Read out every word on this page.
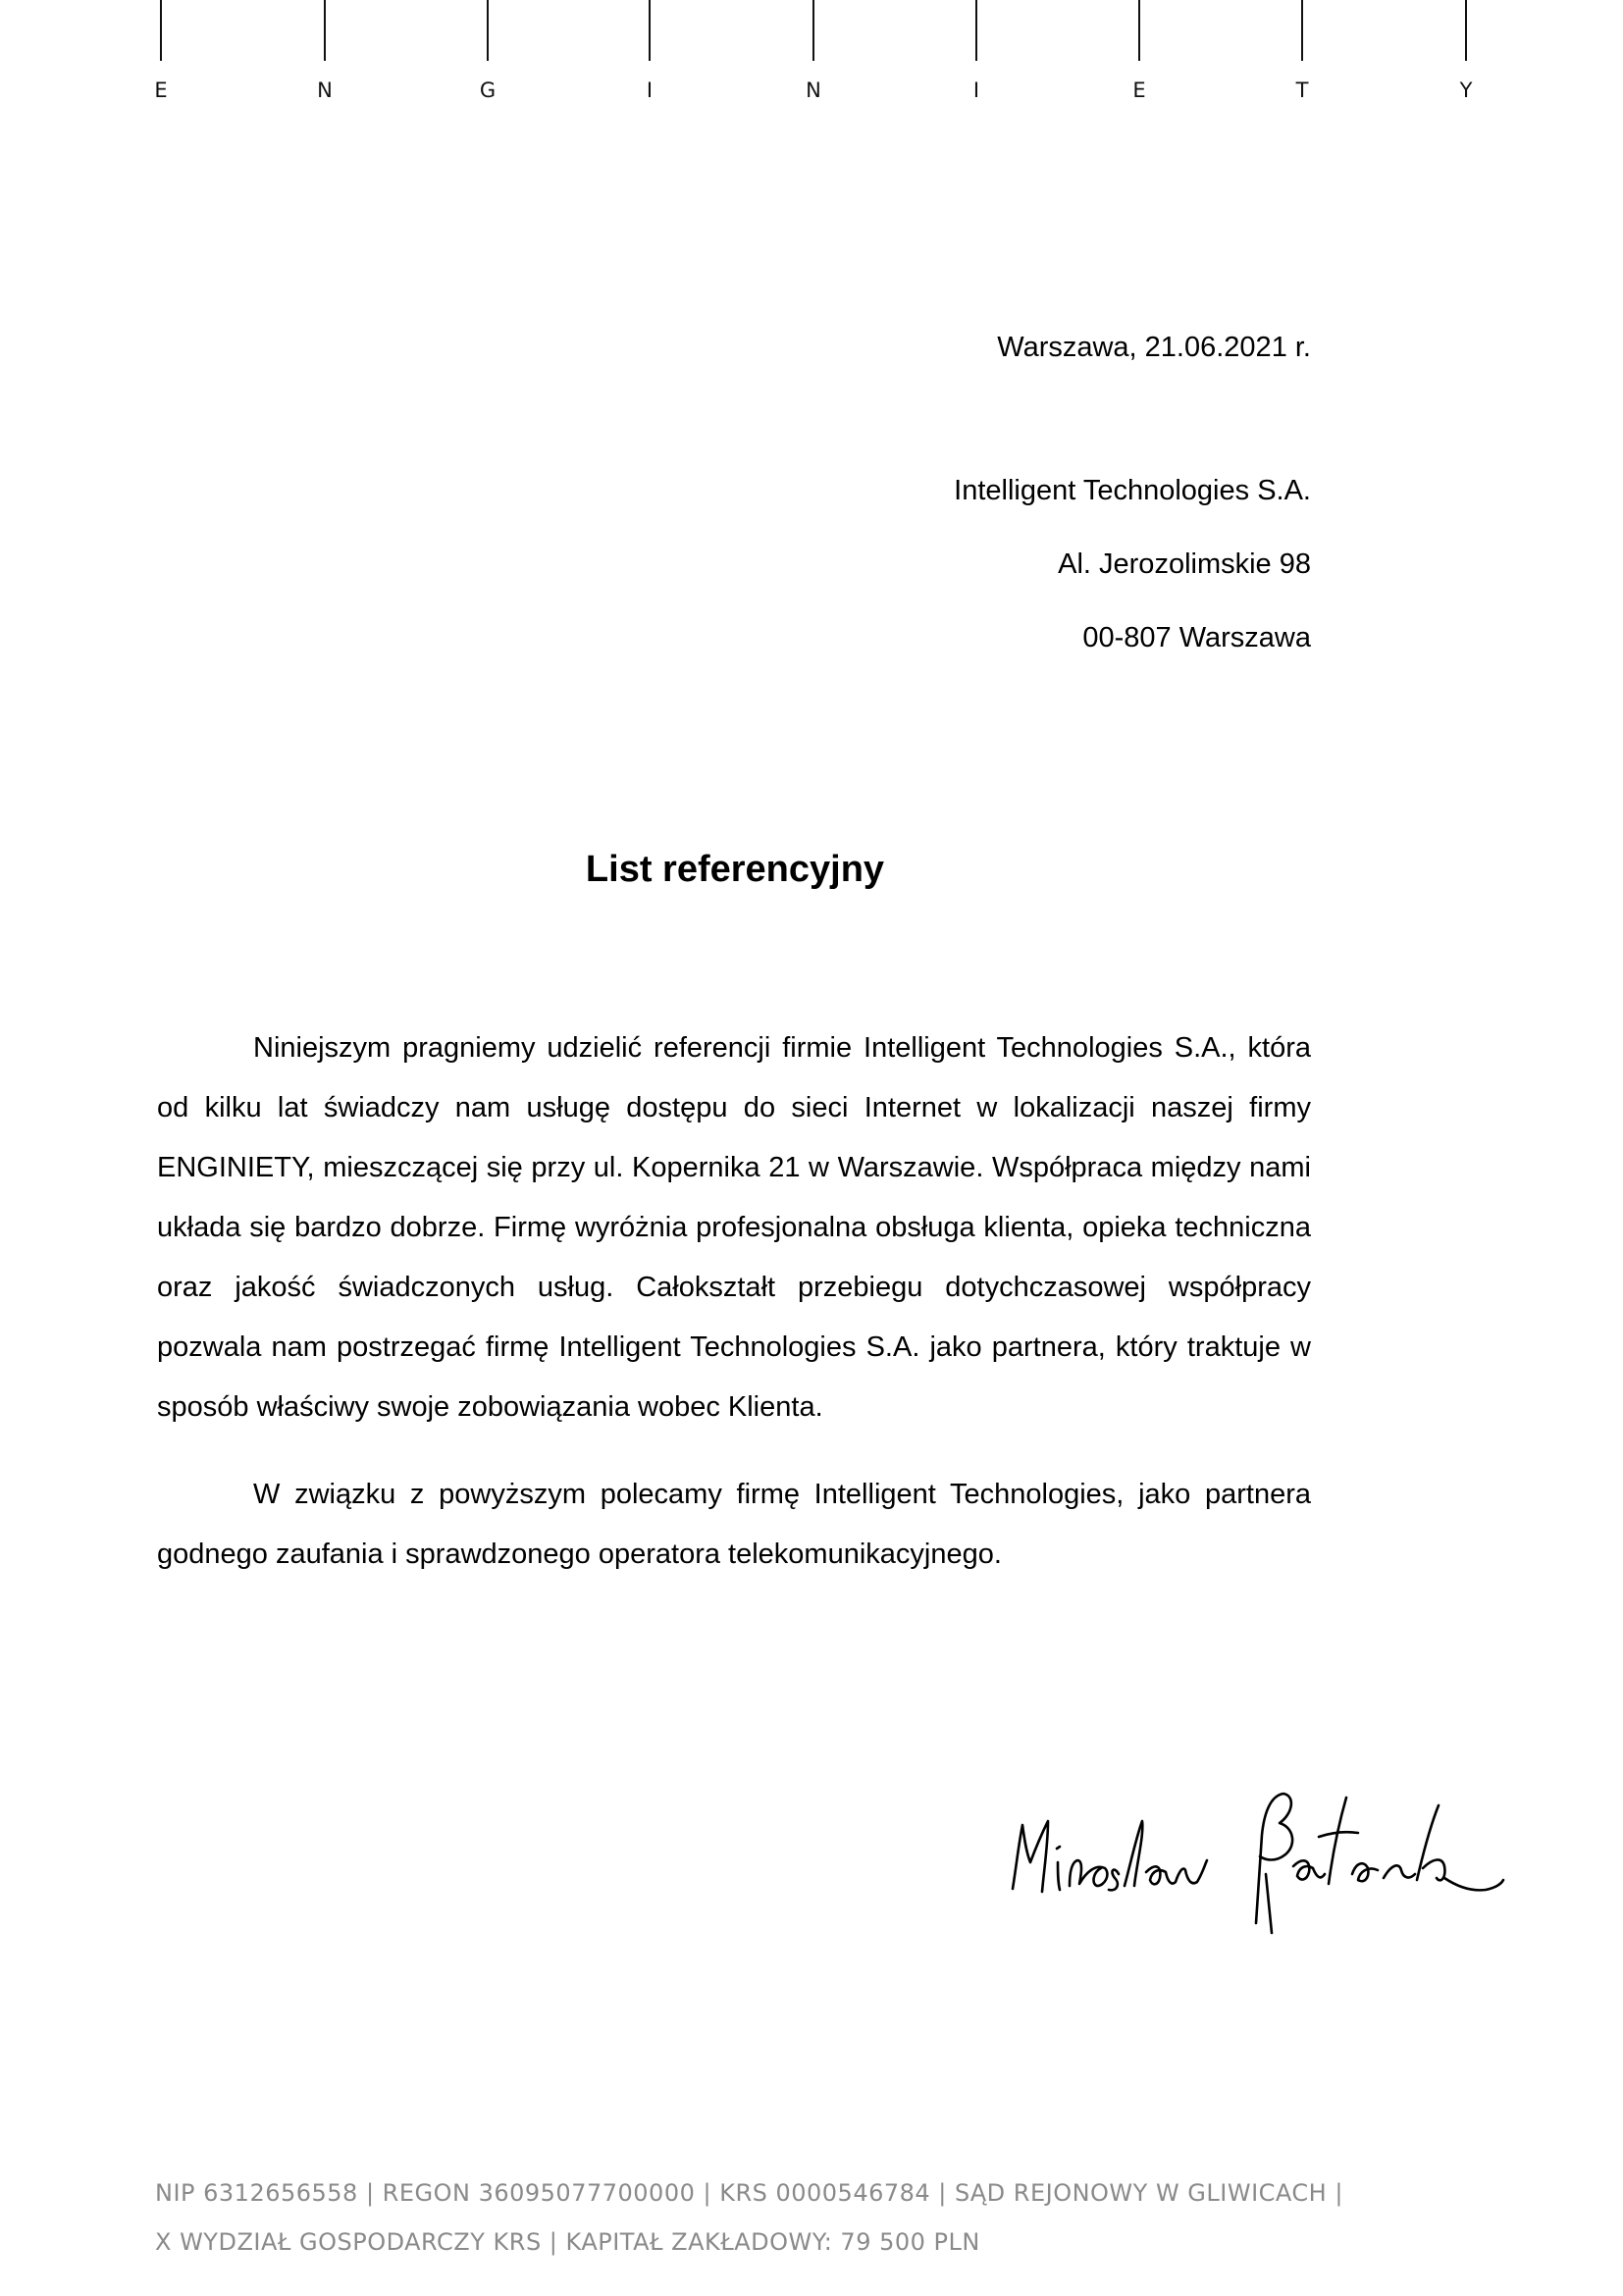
E	N	G	I	N	I	E	T	Y
Warszawa, 21.06.2021 r.
Intelligent Technologies S.A.
Al. Jerozolimskie 98
00-807 Warszawa
List referencyjny

Niniejszym pragniemy udzielić referencji firmie Intelligent Technologies S.A., która od kilku lat świadczy nam usługę dostępu do sieci Internet w lokalizacji naszej firmy ENGINIETY, mieszczącej się przy ul. Kopernika 21 w Warszawie. Współpraca między nami układa się bardzo dobrze. Firmę wyróżnia profesjonalna obsługa klienta, opieka techniczna oraz jakość świadczonych usług. Całokształt przebiegu dotychczasowej współpracy pozwala nam postrzegać firmę Intelligent Technologies S.A. jako partnera, który traktuje w sposób właściwy swoje zobowiązania wobec Klienta.

W związku z powyższym polecamy firmę Intelligent Technologies, jako partnera godnego zaufania i sprawdzonego operatora telekomunikacyjnego.

NIP 6312656558 | REGON 36095077700000 | KRS 0000546784 | SĄD REJONOWY W GLIWICACH |
X WYDZIAŁ GOSPODARCZY KRS | KAPITAŁ ZAKŁADOWY: 79 500 PLN
